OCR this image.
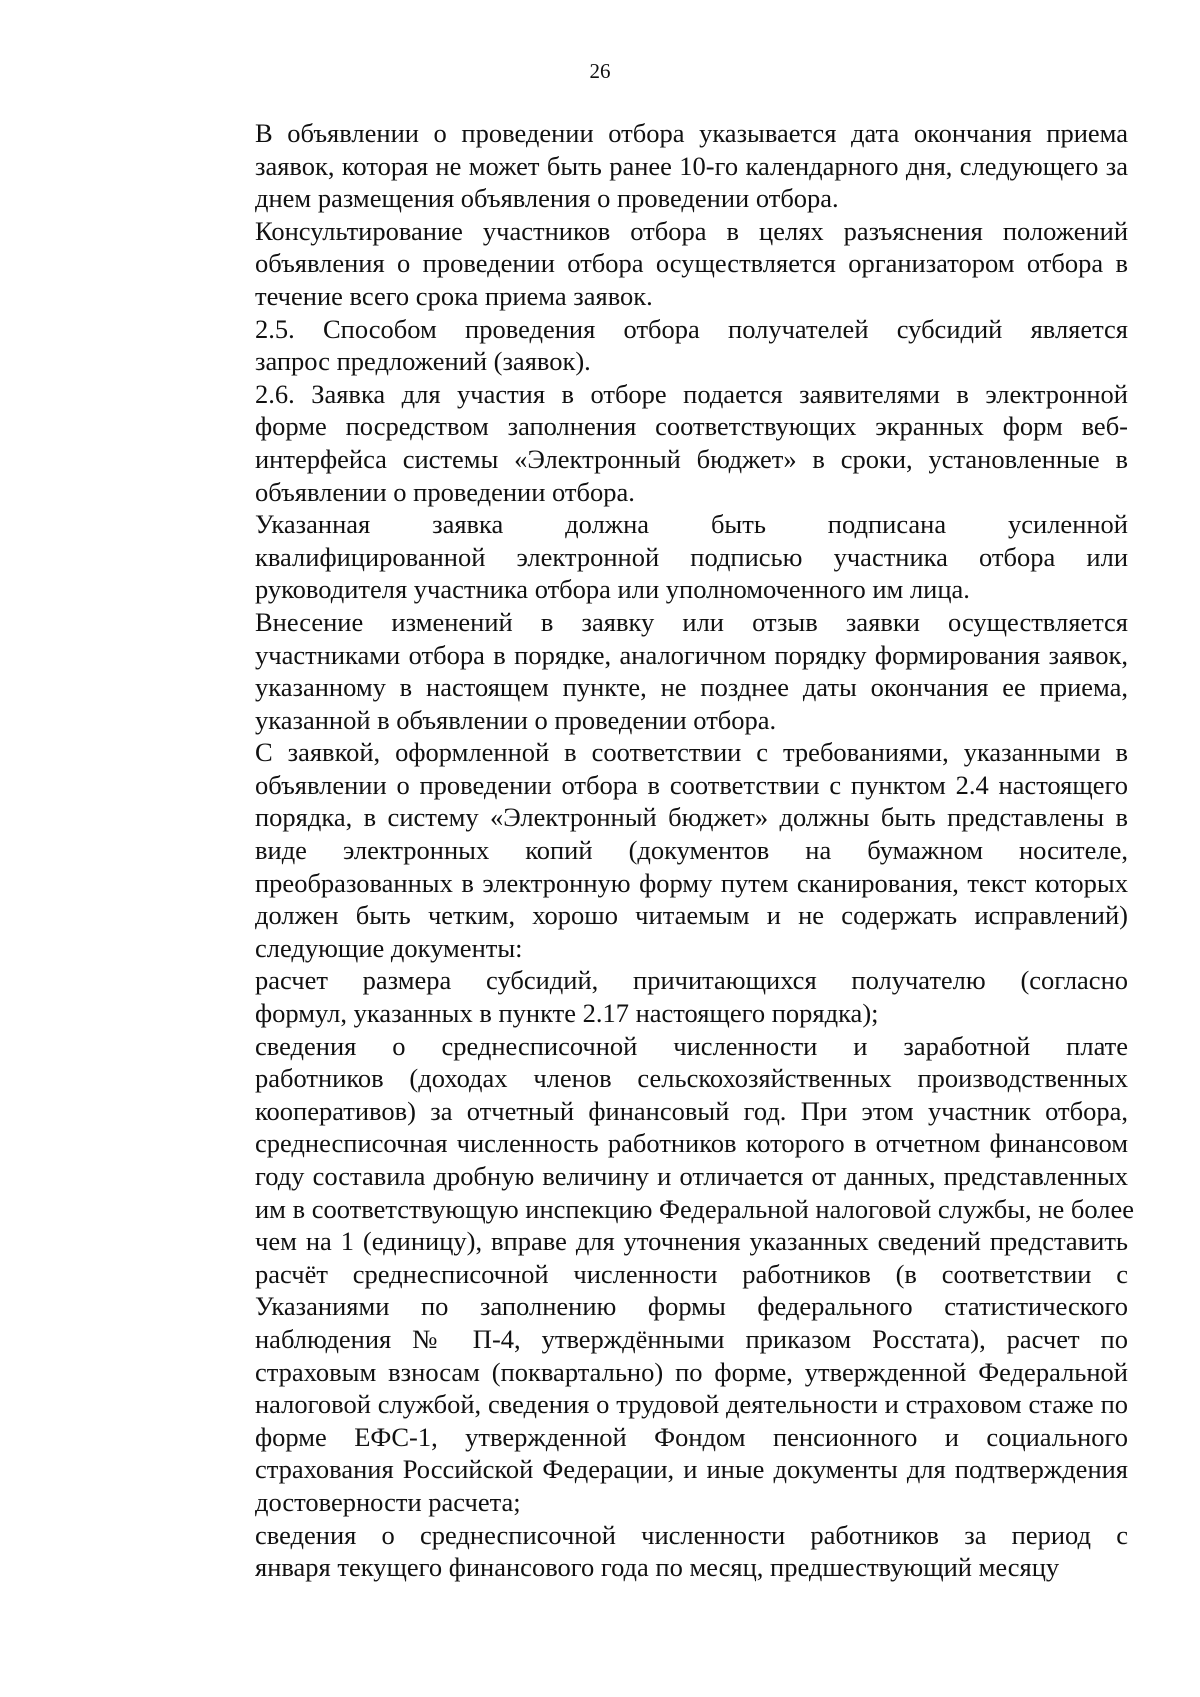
26

В объявлении о проведении отбора указывается дата окончания приема
заявок, которая не может быть ранее 10-го календарного дня, следующего за
днем размещения объявления о проведении отбора.

Консультирование участников отбора в целях разъяснения положений
объявления о проведении отбора осуществляется организатором отбора в
течение всего срока приема заявок.

2.5. Способом проведения отбора получателей субсидий является
запрос предложений (заявок).

2.6. Заявка для участия в отборе подается заявителями в электронной
форме посредством заполнения соответствующих экранных форм веб-
интерфейса системы «Электронный бюджет» в сроки, установленные в
объявлении о проведении отбора.

Указанная заявка должна быть подписана усиленной
квалифицированной электронной подписью участника отбора или
руководителя участника отбора или уполномоченного им лица.

Внесение изменений в заявку или отзыв заявки осуществляется
участниками отбора в порядке, аналогичном порядку формирования заявок,
указанному в настоящем пункте, не позднее даты окончания ее приема,
указанной в объявлении о проведении отбора.

С заявкой, оформленной в соответствии с требованиями, указанными в
объявлении о проведении отбора в соответствии с пунктом 2.4 настоящего
порядка, в систему «Электронный бюджет» должны быть представлены в
виде электронных копий (документов на бумажном носителе,
преобразованных в электронную форму путем сканирования, текст которых
должен быть четким, хорошо читаемым и не содержать исправлений)
следующие документы:

расчет размера субсидий, причитающихся получателю (согласно
формул, указанных в пункте 2.17 настоящего порядка);

сведения о среднесписочной численности и заработной плате
работников (доходах членов сельскохозяйственных производственных
кооперативов) за отчетный финансовый год. При этом участник отбора,
среднесписочная численность работников которого в отчетном финансовом
году составила дробную величину и отличается от данных, представленных
им в соответствующую инспекцию Федеральной налоговой службы, не более
чем на 1 (единицу), вправе для уточнения указанных сведений представить
расчёт среднесписочной численности работников (в соответствии с
Указаниями по заполнению формы федерального статистического
наблюдения № П-4, утверждёнными приказом Росстата), расчет по
страховым взносам (поквартально) по форме, утвержденной Федеральной
налоговой службой, сведения о трудовой деятельности и страховом стаже по
форме ЕФС-1, утвержденной Фондом пенсионного и социального
страхования Российской Федерации, и иные документы для подтверждения
достоверности расчета;

сведения о среднесписочной численности работников за период с
января текущего финансового года по месяц, предшествующий месяцу
